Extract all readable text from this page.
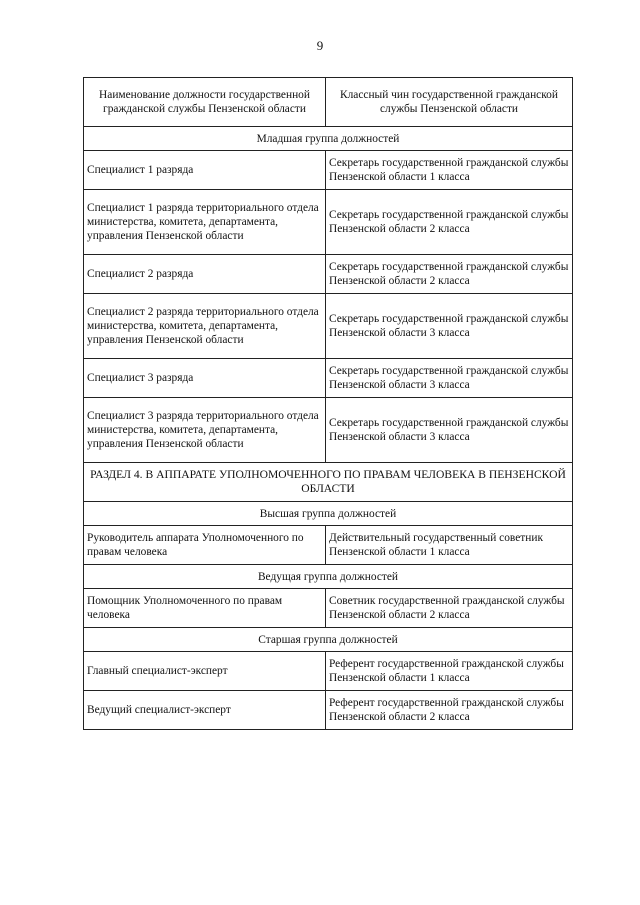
9
Наименование должности государственной гражданской службы Пензенской области	Классный чин государственной гражданской службы Пензенской области
Младшая группа должностей	
Специалист 1 разряда	Секретарь государственной гражданской службы Пензенской области 1 класса
Специалист 1 разряда территориального отдела министерства, комитета, департамента, управления Пензенской области	Секретарь государственной гражданской службы Пензенской области 2 класса
Специалист 2 разряда	Секретарь государственной гражданской службы Пензенской области 2 класса
Специалист 2 разряда территориального отдела министерства, комитета, департамента, управления Пензенской области	Секретарь государственной гражданской службы Пензенской области 3 класса
Специалист 3 разряда	Секретарь государственной гражданской службы Пензенской области 3 класса
Специалист 3 разряда территориального отдела министерства, комитета, департамента, управления Пензенской области	Секретарь государственной гражданской службы Пензенской области 3 класса
РАЗДЕЛ 4. В АППАРАТЕ УПОЛНОМОЧЕННОГО ПО ПРАВАМ ЧЕЛОВЕКА В ПЕНЗЕНСКОЙ ОБЛАСТИ	
Высшая группа должностей	
Руководитель аппарата Уполномоченного по правам человека	Действительный государственный советник Пензенской области 1 класса
Ведущая группа должностей	
Помощник Уполномоченного по правам человека	Советник государственной гражданской службы Пензенской области 2 класса
Старшая группа должностей	
Главный специалист-эксперт	Референт государственной гражданской службы Пензенской области 1 класса
Ведущий специалист-эксперт	Референт государственной гражданской службы Пензенской области 2 класса
